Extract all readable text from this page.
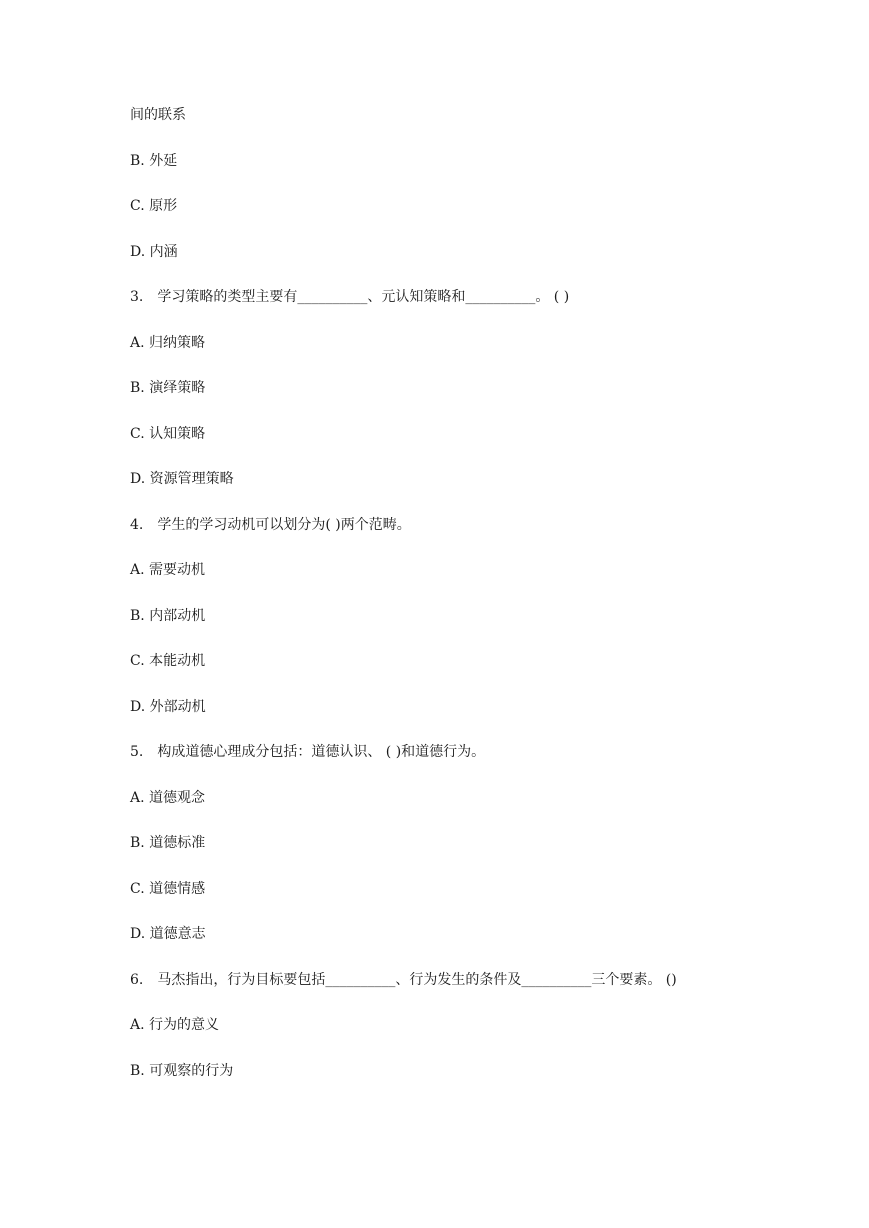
间的联系
B. 外延
C. 原形
D. 内涵
3.　学习策略的类型主要有__________、元认知策略和__________。 ( )
A. 归纳策略
B. 演绎策略
C. 认知策略
D. 资源管理策略
4.　学生的学习动机可以划分为( )两个范畴。
A. 需要动机
B. 内部动机
C. 本能动机
D. 外部动机
5.　构成道德心理成分包括：道德认识、 ( )和道德行为。
A. 道德观念
B. 道德标准
C. 道德情感
D. 道德意志
6.　马杰指出，行为目标要包括__________、行为发生的条件及__________三个要素。 ()
A. 行为的意义
B. 可观察的行为
